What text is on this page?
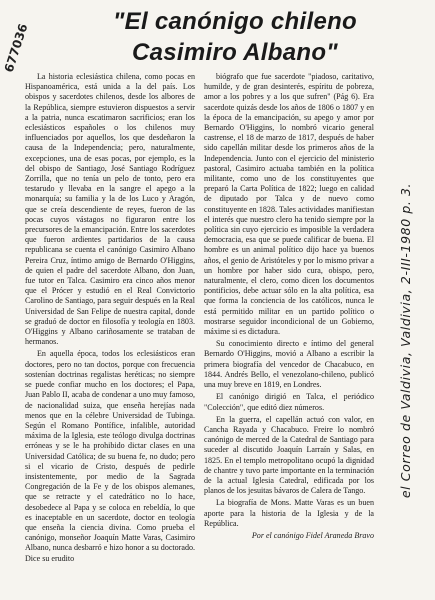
677036
"El canónigo chileno
Casimiro Albano"

La historia eclesiástica chilena, como pocas en Hispanoamérica, está unida a la del país. Los obispos y sacerdotes chilenos, desde los albores de la República, siempre estuvieron dispuestos a servir a la patria, nunca escatimaron sacrificios; eran los eclesiásticos españoles o los chilenos muy influenciados por aquellos, los que desdeñaron la causa de la Independencia; pero, naturalmente, excepciones, una de esas pocas, por ejemplo, es la del obispo de Santiago, José Santiago Rodríguez Zorrilla, que no tenía un pelo de tonto, pero era testarudo y llevaba en la sangre el apego a la monarquía; su familia y la de los Luco y Aragón, que se creía descendiente de reyes, fueron de las pocas cuyos vástagos no figuraron entre los precursores de la emancipación. Entre los sacerdotes que fueron ardientes partidarios de la causa republicana se cuenta el canónigo Casimiro Albano Pereira Cruz, íntimo amigo de Bernardo O'Higgins, de quien el padre del sacerdote Albano, don Juan, fue tutor en Talca. Casimiro era cinco años menor que el Prócer y estudió en el Real Convictorio Carolino de Santiago, para seguir después en la Real Universidad de San Felipe de nuestra capital, donde se graduó de doctor en filosofía y teología en 1803. O'Higgins y Albano cariñosamente se trataban de hermanos.

En aquella época, todos los eclesiásticos eran doctores, pero no tan doctos, porque con frecuencia sostenían doctrinas regalistas heréticas; no siempre se puede confiar mucho en los doctores; el Papa, Juan Pablo II, acaba de condenar a uno muy famoso, de nacionalidad suiza, que enseña herejías nada menos que en la célebre Universidad de Tubinga. Según el Romano Pontífice, infalible, autoridad máxima de la Iglesia, este teólogo divulga doctrinas erróneas y se le ha prohibido dictar clases en una Universidad Católica; de su buena fe, no dudo; pero si el vicario de Cristo, después de pedirle insistentemente, por medio de la Sagrada Congregación de la Fe y de los obispos alemanes, que se retracte y el catedrático no lo hace, desobedece al Papa y se coloca en rebeldía, lo que es inaceptable en un sacerdote, doctor en teología que enseña la ciencia divina. Como prueba el canónigo, monseñor Joaquín Matte Varas, Casimiro Albano, nunca desbarró e hizo honor a su doctorado. Dice su erudito

biógrafo que fue sacerdote "piadoso, caritativo, humilde, y de gran desinterés, espíritu de pobreza, amor a los pobres y a los que sufren" (Pág 6). Era sacerdote quizás desde los años de 1806 o 1807 y en la época de la emancipación, su apego y amor por Bernardo O'Higgins, lo nombró vicario general castrense, el 18 de marzo de 1817, después de haber sido capellán militar desde los primeros años de la Independencia. Junto con el ejercicio del ministerio pastoral, Casimiro actuaba también en la política militante, como uno de los constituyentes que preparó la Carta Política de 1822; luego en calidad de diputado por Talca y de nuevo como constituyente en 1828. Tales actividades manifiestan el interés que nuestro clero ha tenido siempre por la política sin cuyo ejercicio es imposible la verdadera democracia, esa que se puede calificar de buena. El hombre es un animal político dijo hace ya buenos años, el genio de Aristóteles y por lo mismo privar a un hombre por haber sido cura, obispo, pero, naturalmente, el clero, como dicen los documentos pontificios, debe actuar sólo en la alta política, esa que forma la conciencia de los católicos, nunca le está permitido militar en un partido político o mostrarse seguidor incondicional de un Gobierno, máxime si es dictadura.

Su conocimiento directo e íntimo del general Bernardo O'Higgins, movió a Albano a escribir la primera biografía del vencedor de Chacabuco, en 1844. Andrés Bello, el venezolano-chileno, publicó una muy breve en 1819, en Londres.

El canónigo dirigió en Talca, el periódico "Colección", que editó diez números.

En la guerra, el capellán actuó con valor, en Cancha Rayada y Chacabuco. Freire lo nombró canónigo de merced de la Catedral de Santiago para suceder al discutido Joaquín Larraín y Salas, en 1825. En el templo metropolitano ocupó la dignidad de chantre y tuvo parte importante en la terminación de la actual Iglesia Catedral, edificada por los planos de los jesuitas bávaros de Calera de Tango.

La biografía de Mons. Matte Varas es un buen aporte para la historia de la Iglesia y de la República.

Por el canónigo Fidel Araneda Bravo

el Correo de Valdivia, Valdivia, 2-III-1980 p. 3.
